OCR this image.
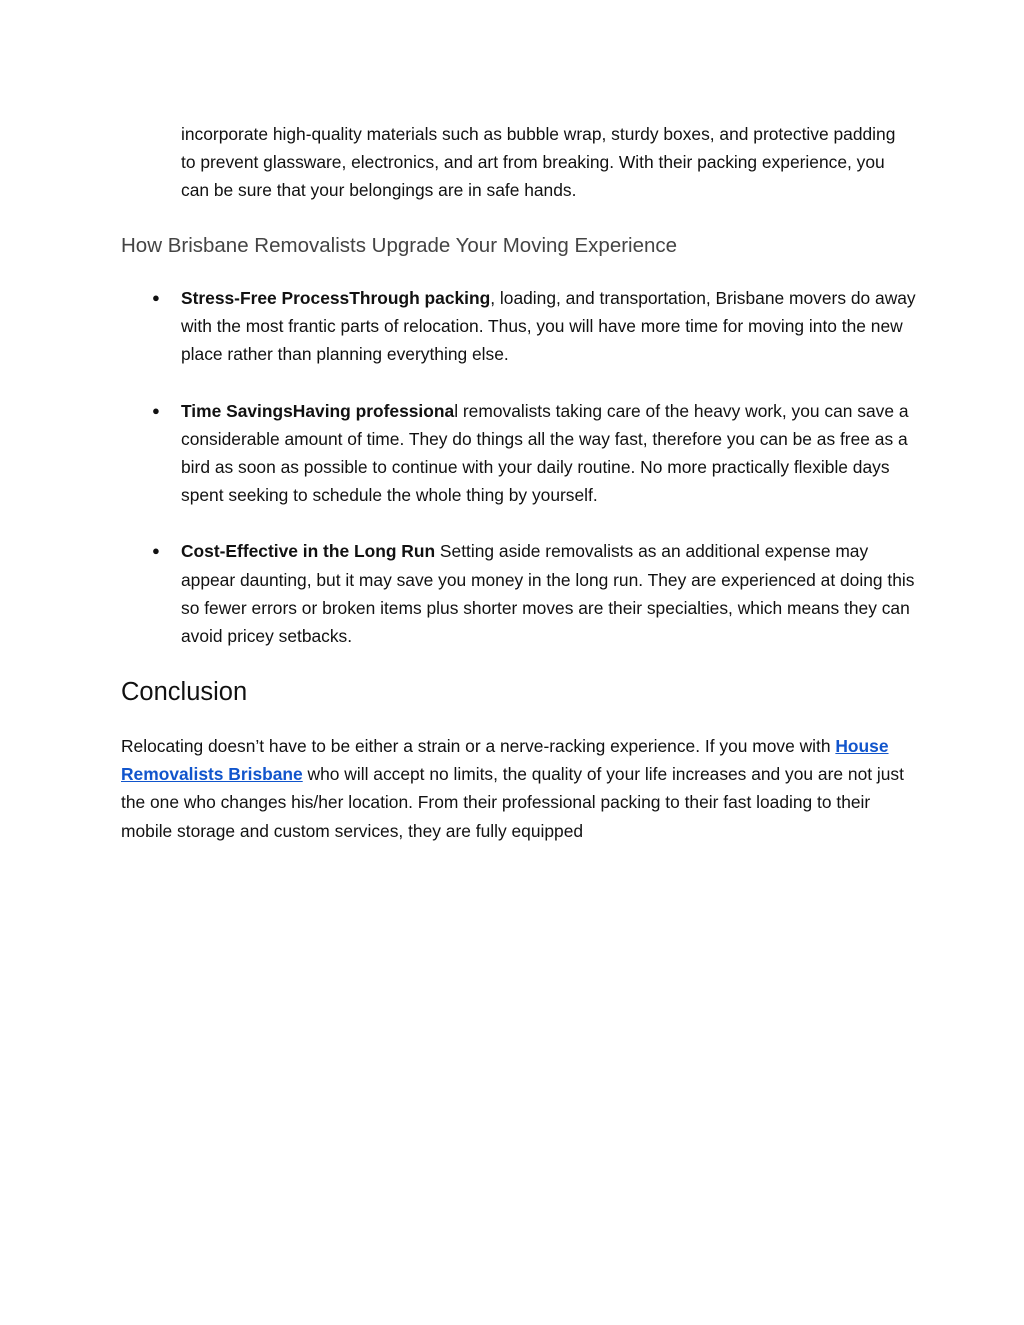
incorporate high-quality materials such as bubble wrap, sturdy boxes, and protective padding to prevent glassware, electronics, and art from breaking. With their packing experience, you can be sure that your belongings are in safe hands.

How Brisbane Removalists Upgrade Your Moving Experience
● Stress-Free ProcessThrough packing, loading, and transportation, Brisbane movers do away with the most frantic parts of relocation. Thus, you will have more time for moving into the new place rather than planning everything else.
● Time SavingsHaving professional removalists taking care of the heavy work, you can save a considerable amount of time. They do things all the way fast, therefore you can be as free as a bird as soon as possible to continue with your daily routine. No more practically flexible days spent seeking to schedule the whole thing by yourself.
● Cost-Effective in the Long Run Setting aside removalists as an additional expense may appear daunting, but it may save you money in the long run. They are experienced at doing this so fewer errors or broken items plus shorter moves are their specialties, which means they can avoid pricey setbacks.
Conclusion

Relocating doesn’t have to be either a strain or a nerve-racking experience. If you move with House Removalists Brisbane who will accept no limits, the quality of your life increases and you are not just the one who changes his/her location. From their professional packing to their fast loading to their mobile storage and custom services, they are fully equipped
